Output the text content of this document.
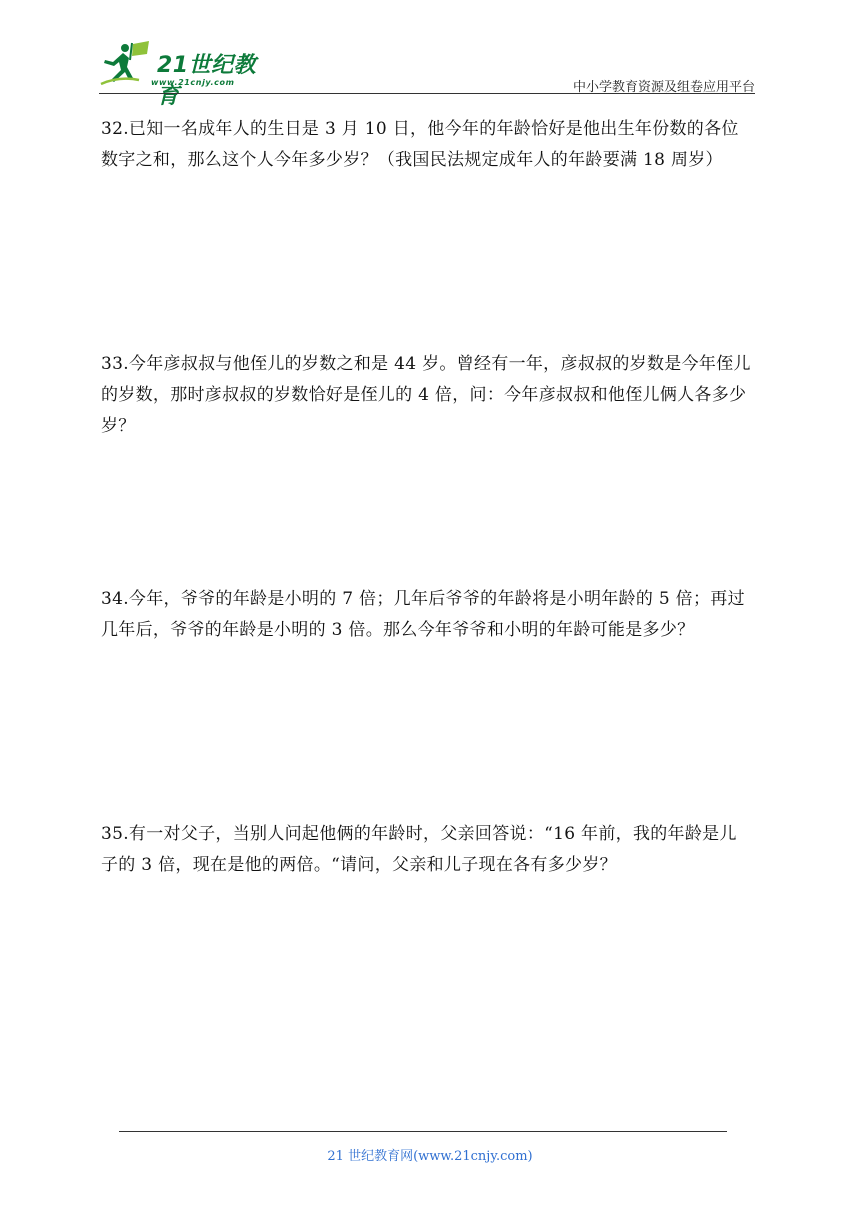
21世纪教育
www.21cnjy.com	中小学教育资源及组卷应用平台

32.已知一名成年人的生日是 3 月 10 日，他今年的年龄恰好是他出生年份数的各位数字之和，那么这个人今年多少岁？（我国民法规定成年人的年龄要满 18 周岁）

33.今年彦叔叔与他侄儿的岁数之和是 44 岁。曾经有一年，彦叔叔的岁数是今年侄儿的岁数，那时彦叔叔的岁数恰好是侄儿的 4 倍，问：今年彦叔叔和他侄儿俩人各多少岁？

34.今年，爷爷的年龄是小明的 7 倍；几年后爷爷的年龄将是小明年龄的 5 倍；再过几年后，爷爷的年龄是小明的 3 倍。那么今年爷爷和小明的年龄可能是多少？

35.有一对父子，当别人问起他俩的年龄时，父亲回答说：“16 年前，我的年龄是儿子的 3 倍，现在是他的两倍。“请问，父亲和儿子现在各有多少岁？

21 世纪教育网(www.21cnjy.com)
